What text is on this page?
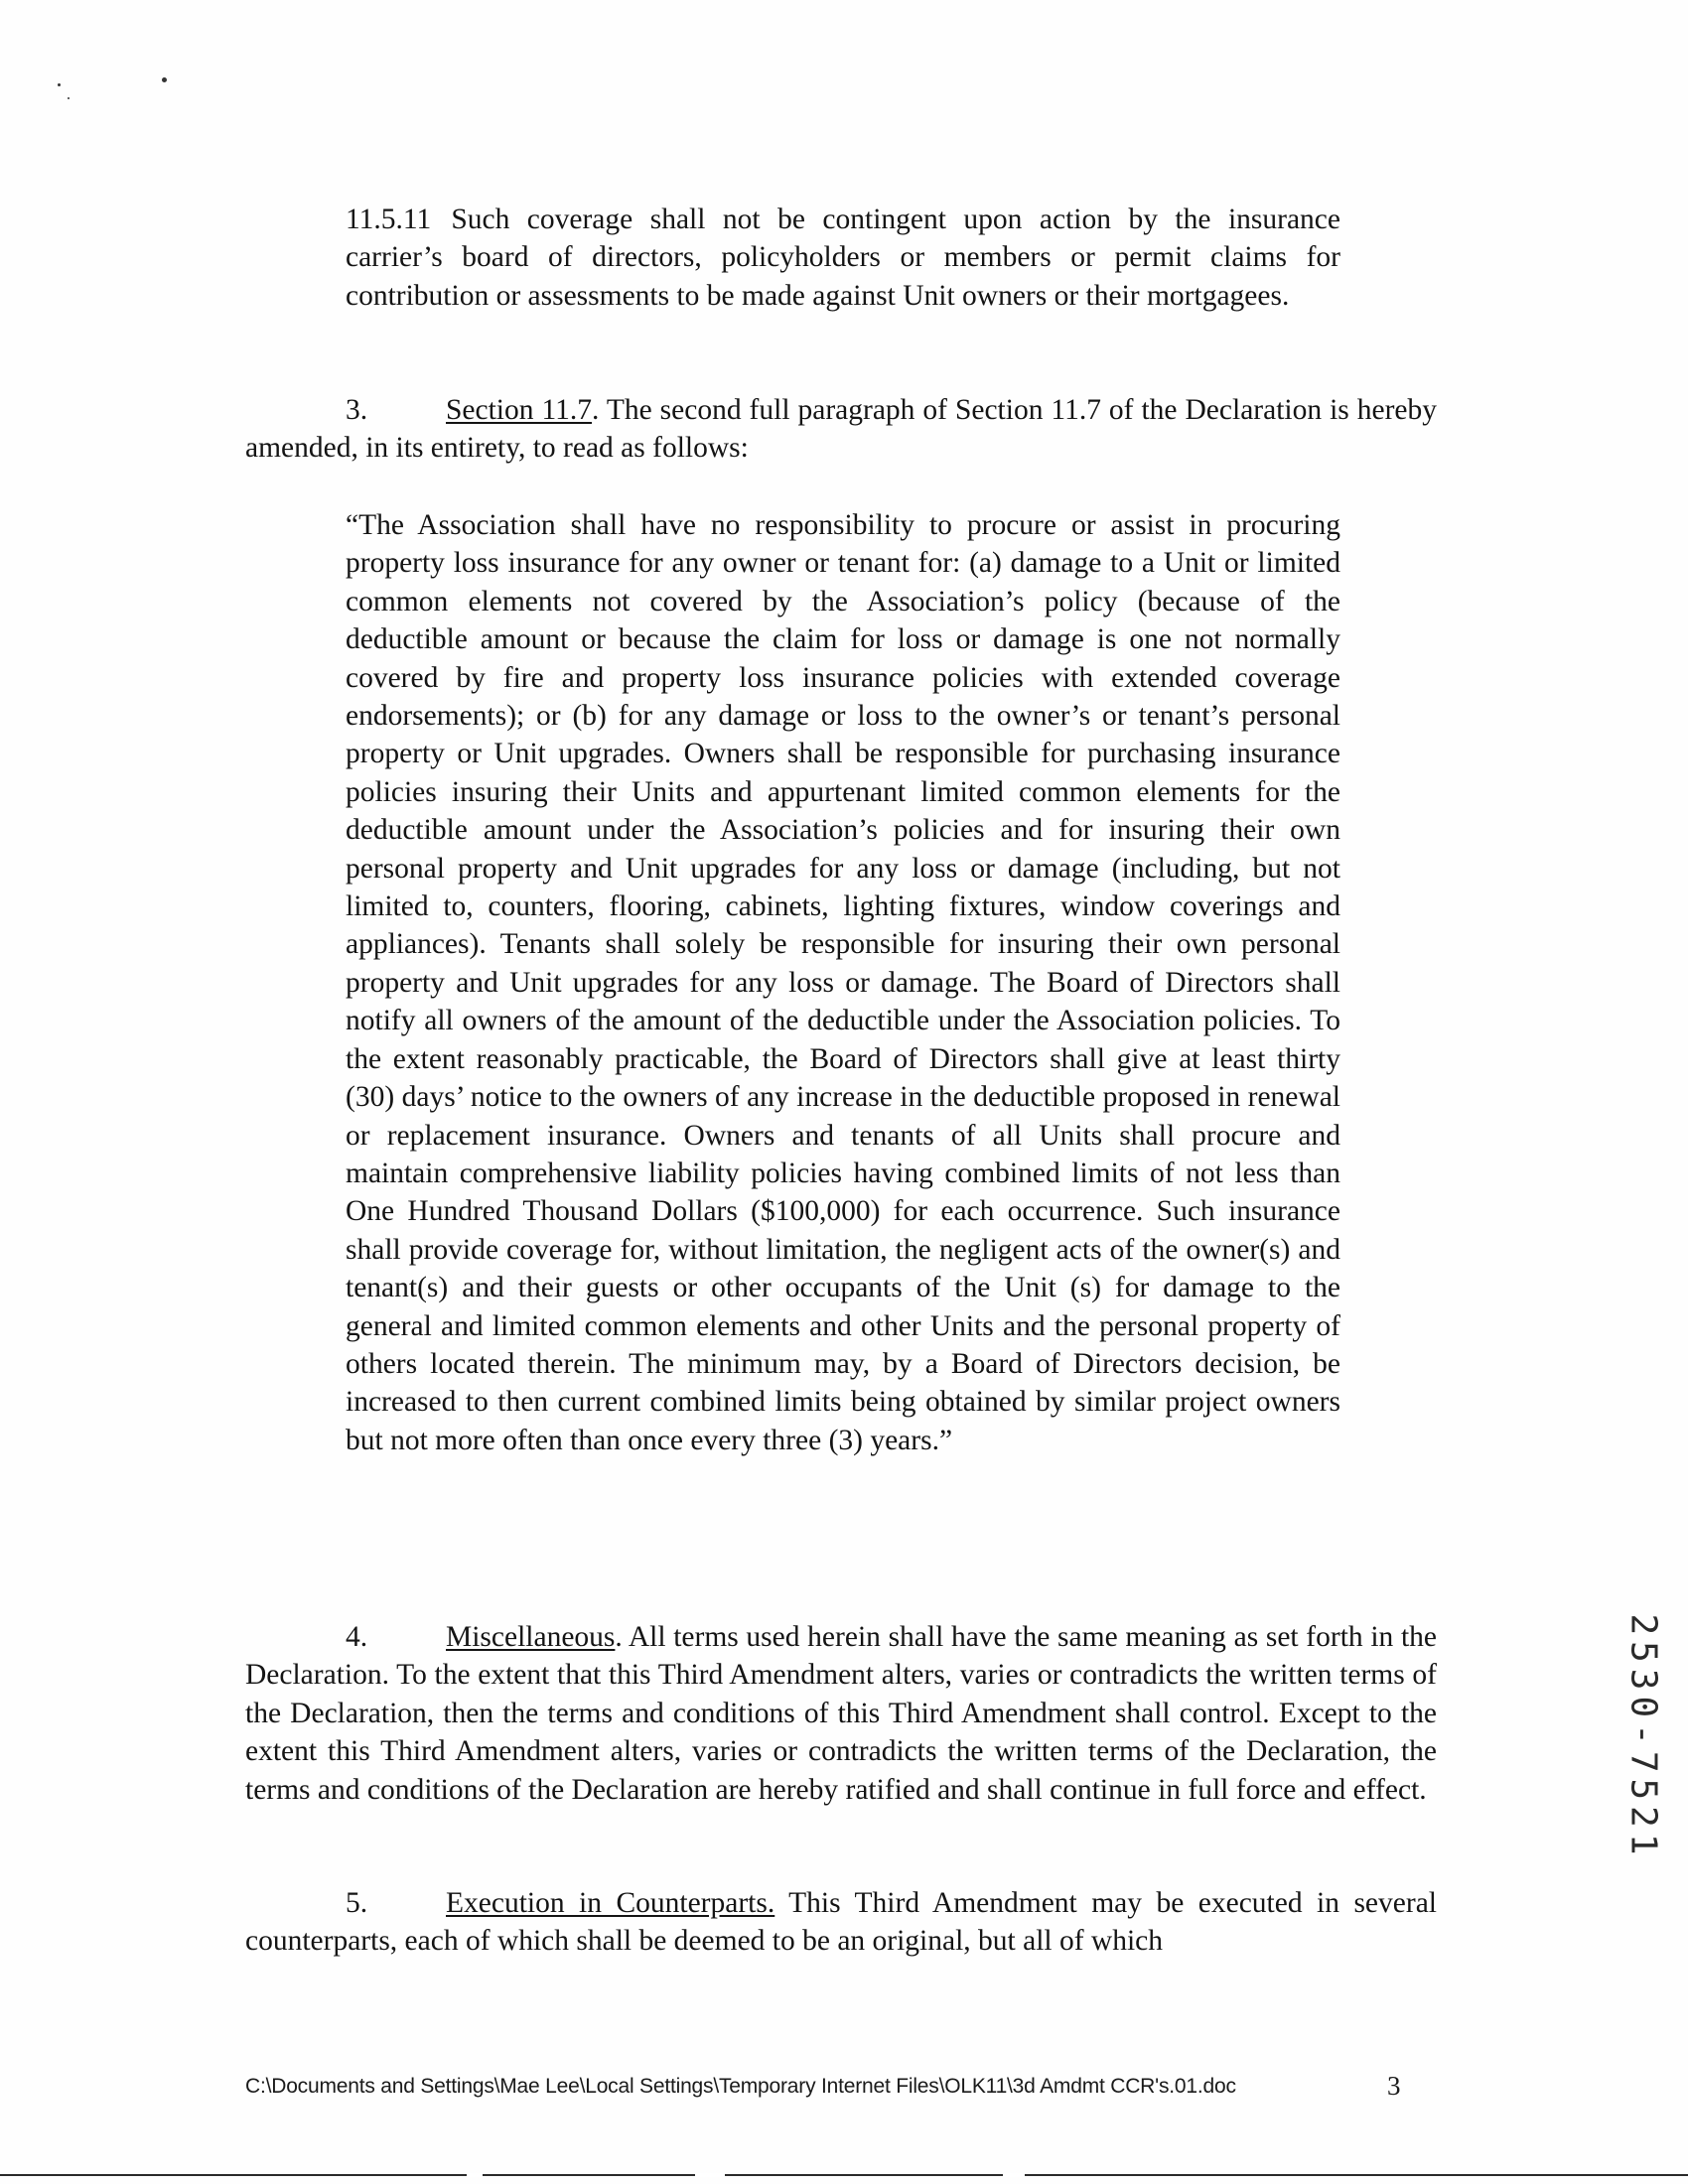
11.5.11 Such coverage shall not be contingent upon action by the insurance carrier’s board of directors, policyholders or members or permit claims for contribution or assessments to be made against Unit owners or their mortgagees.

3.	Section 11.7. The second full paragraph of Section 11.7 of the Declaration is hereby amended, in its entirety, to read as follows:

“The Association shall have no responsibility to procure or assist in procuring property loss insurance for any owner or tenant for: (a) damage to a Unit or limited common elements not covered by the Association’s policy (because of the deductible amount or because the claim for loss or damage is one not normally covered by fire and property loss insurance policies with extended coverage endorsements); or (b) for any damage or loss to the owner’s or tenant’s personal property or Unit upgrades. Owners shall be responsible for purchasing insurance policies insuring their Units and appurtenant limited common elements for the deductible amount under the Association’s policies and for insuring their own personal property and Unit upgrades for any loss or damage (including, but not limited to, counters, flooring, cabinets, lighting fixtures, window coverings and appliances). Tenants shall solely be responsible for insuring their own personal property and Unit upgrades for any loss or damage. The Board of Directors shall notify all owners of the amount of the deductible under the Association policies. To the extent reasonably practicable, the Board of Directors shall give at least thirty (30) days’ notice to the owners of any increase in the deductible proposed in renewal or replacement insurance. Owners and tenants of all Units shall procure and maintain comprehensive liability policies having combined limits of not less than One Hundred Thousand Dollars ($100,000) for each occurrence. Such insurance shall provide coverage for, without limitation, the negligent acts of the owner(s) and tenant(s) and their guests or other occupants of the Unit (s) for damage to the general and limited common elements and other Units and the personal property of others located therein. The minimum may, by a Board of Directors decision, be increased to then current combined limits being obtained by similar project owners but not more often than once every three (3) years.”

4.	Miscellaneous. All terms used herein shall have the same meaning as set forth in the Declaration. To the extent that this Third Amendment alters, varies or contradicts the written terms of the Declaration, then the terms and conditions of this Third Amendment shall control. Except to the extent this Third Amendment alters, varies or contradicts the written terms of the Declaration, the terms and conditions of the Declaration are hereby ratified and shall continue in full force and effect.

5.	Execution in Counterparts. This Third Amendment may be executed in several counterparts, each of which shall be deemed to be an original, but all of which

2530-7521
C:\Documents and Settings\Mae Lee\Local Settings\Temporary Internet Files\OLK11\3d Amdmt CCR's.01.doc	3
